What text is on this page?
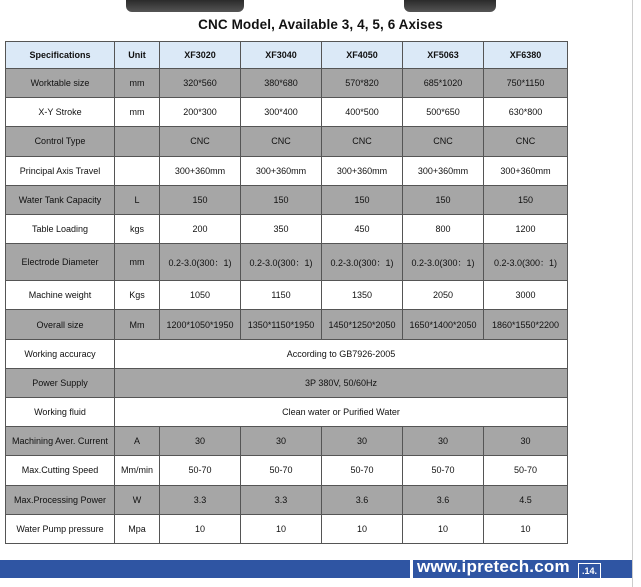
CNC Model, Available 3, 4, 5, 6 Axises
Specifications	Unit	XF3020	XF3040	XF4050	XF5063	XF6380
Worktable size	mm	320*560	380*680	570*820	685*1020	750*1150
X-Y Stroke	mm	200*300	300*400	400*500	500*650	630*800
Control Type		CNC	CNC	CNC	CNC	CNC
Principal Axis Travel		300+360mm	300+360mm	300+360mm	300+360mm	300+360mm
Water Tank Capacity	L	150	150	150	150	150
Table Loading	kgs	200	350	450	800	1200
Electrode Diameter	mm	0.2-3.0(300：1)	0.2-3.0(300：1)	0.2-3.0(300：1)	0.2-3.0(300：1)	0.2-3.0(300：1)
Machine weight	Kgs	1050	1150	1350	2050	3000
Overall size	Mm	1200*1050*1950	1350*1150*1950	1450*1250*2050	1650*1400*2050	1860*1550*2200
Working accuracy	According to GB7926-2005					
Power Supply	3P 380V, 50/60Hz					
Working fluid	Clean water or Purified Water					
Machining Aver. Current	A	30	30	30	30	30
Max.Cutting Speed	Mm/min	50-70	50-70	50-70	50-70	50-70
Max.Processing Power	W	3.3	3.3	3.6	3.6	4.5
Water Pump pressure	Mpa	10	10	10	10	10
www.ipretech.com	.14.
